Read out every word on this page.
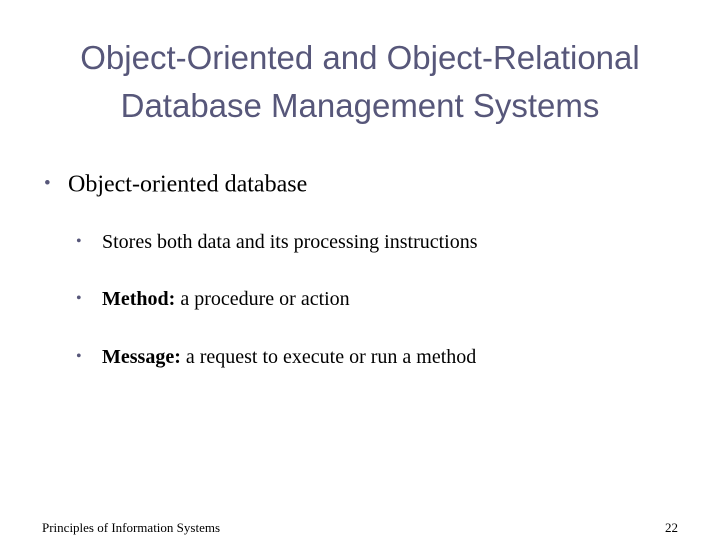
Object-Oriented and Object-Relational
Database Management Systems
• Object-oriented database
• Stores both data and its processing instructions
• Method: a procedure or action
• Message: a request to execute or run a method
Principles of Information Systems	22
